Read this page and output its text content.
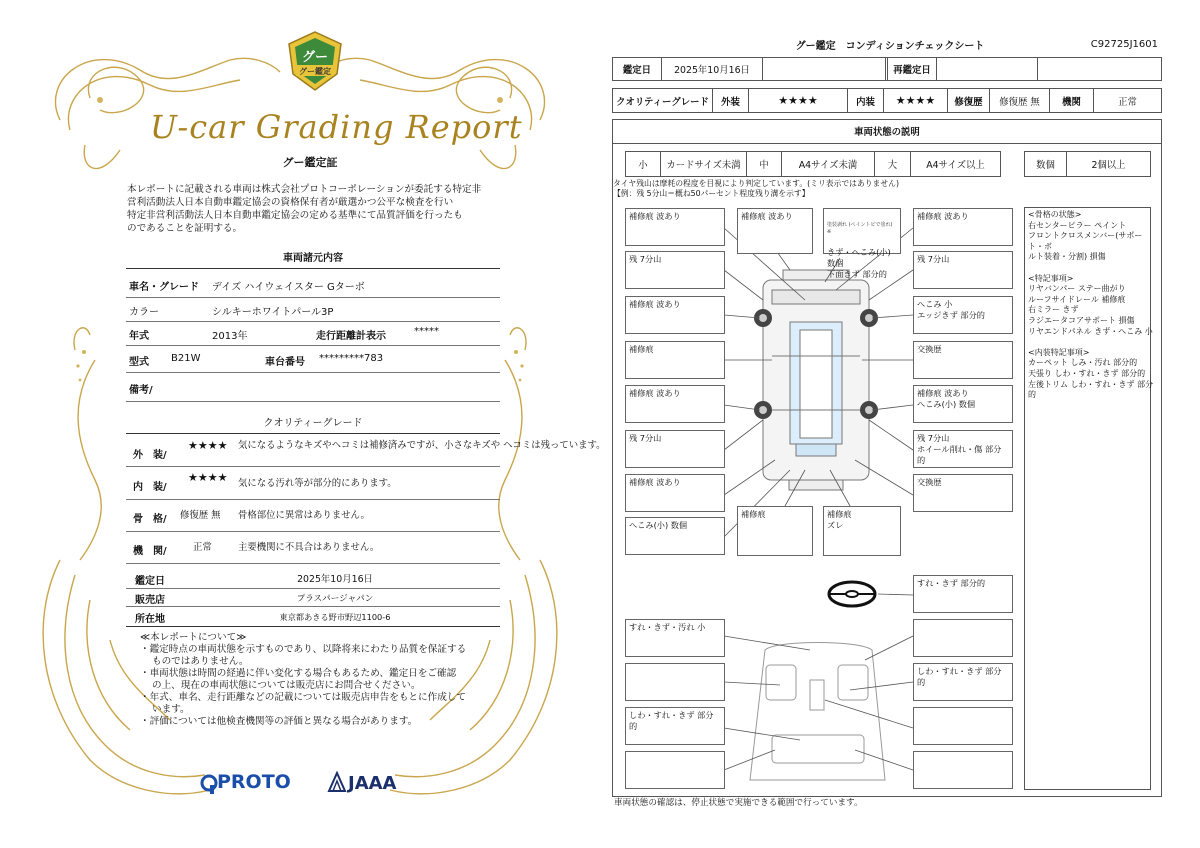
グー
グー鑑定
U-car Grading Report
グー鑑定証
本レポートに記載される車両は株式会社プロトコーポレーションが委託する特定非
営利活動法人日本自動車鑑定協会の資格保有者が厳選かつ公平な検査を行い
特定非営利活動法人日本自動車鑑定協会の定める基準にて品質評価を行ったも
のであることを証明する。
車両諸元内容
車名・グレード デイズ ハイウェイスター Gターボ
カラー	シルキーホワイトパール3P
年式	2013年	走行距離計表示	*****
型式 B21W	車台番号 *********783
備考/
クオリティーグレード
外　装/
★★★★ 気になるようなキズやヘコミは補修済みですが、小さなキズや ヘコミは残っています。
内　装/
★★★★ 気になる汚れ等が部分的にあります。
骨　格/ 修復歴 無 骨格部位に異常はありません。
機　関/	正常	主要機関に不具合はありません。
鑑定日	2025年10月16日
販売店	プラスパージャパン
所在地	東京都あきる野市野辺1100-6
≪本レポートについて≫
・鑑定時点の車両状態を示すものであり、以降将来にわたり品質を保証する
ものではありません。
・車両状態は時間の経過に伴い変化する場合もあるため、鑑定日をご確認
の上、現在の車両状態については販売店にお問合せください。
・年式、車名、走行距離などの記載については販売店申告をもとに作成して
います。
・評価については他検査機関等の評価と異なる場合があります。
PROTO	JAAA
グー鑑定　コンディションチェックシート	C92725J1601
鑑定日	2025年10月16日	再鑑定日
クオリティーグレード	外装	★★★★	内装	★★★★	修復歴	修復歴 無	機関	正常
車両状態の説明
小	カードサイズ未満	中	A4サイズ未満	大	A4サイズ以上	数個	2個以上
タイヤ残山は摩耗の程度を目視により判定しています。(ミリ表示ではありません)
【例：残 5分山＝概ね50パーセント程度残り溝を示す】
補修痕 波あり
残 7分山
補修痕 波あり
補修痕
補修痕 波あり
残 7分山
補修痕 波あり
へこみ(小) 数個
補修痕 波あり

塗装剥れ (ペイントピで塗れ) ※

きず・へこみ(小) 数個
下面きず 部分的

補修痕 波あり
残 7分山
へこみ 小
エッジきず 部分的
交換歴
補修痕 波あり
へこみ(小) 数個
残 7分山
ホイール削れ・傷 部分的
交換歴
補修痕	補修痕
ズレ
すれ・きず 部分的
すれ・きず・汚れ 小
しわ・すれ・きず 部分的
しわ・すれ・きず 部分的
<骨格の状態>
右センターピラー ペイント
フロントクロスメンバー(サポート・ボ
ルト装着・分割) 損傷

<特記事項>
リヤバンパー ステー曲がり
ルーフサイドレール 補修痕
右ミラー きず
ラジエータコアサポート 損傷
リヤエンドパネル きず・へこみ 小

<内装特記事項>
カーペット しみ・汚れ 部分的
天張り しわ・すれ・きず 部分的
左後トリム しわ・すれ・きず 部分的
車両状態の確認は、停止状態で実施できる範囲で行っています。
